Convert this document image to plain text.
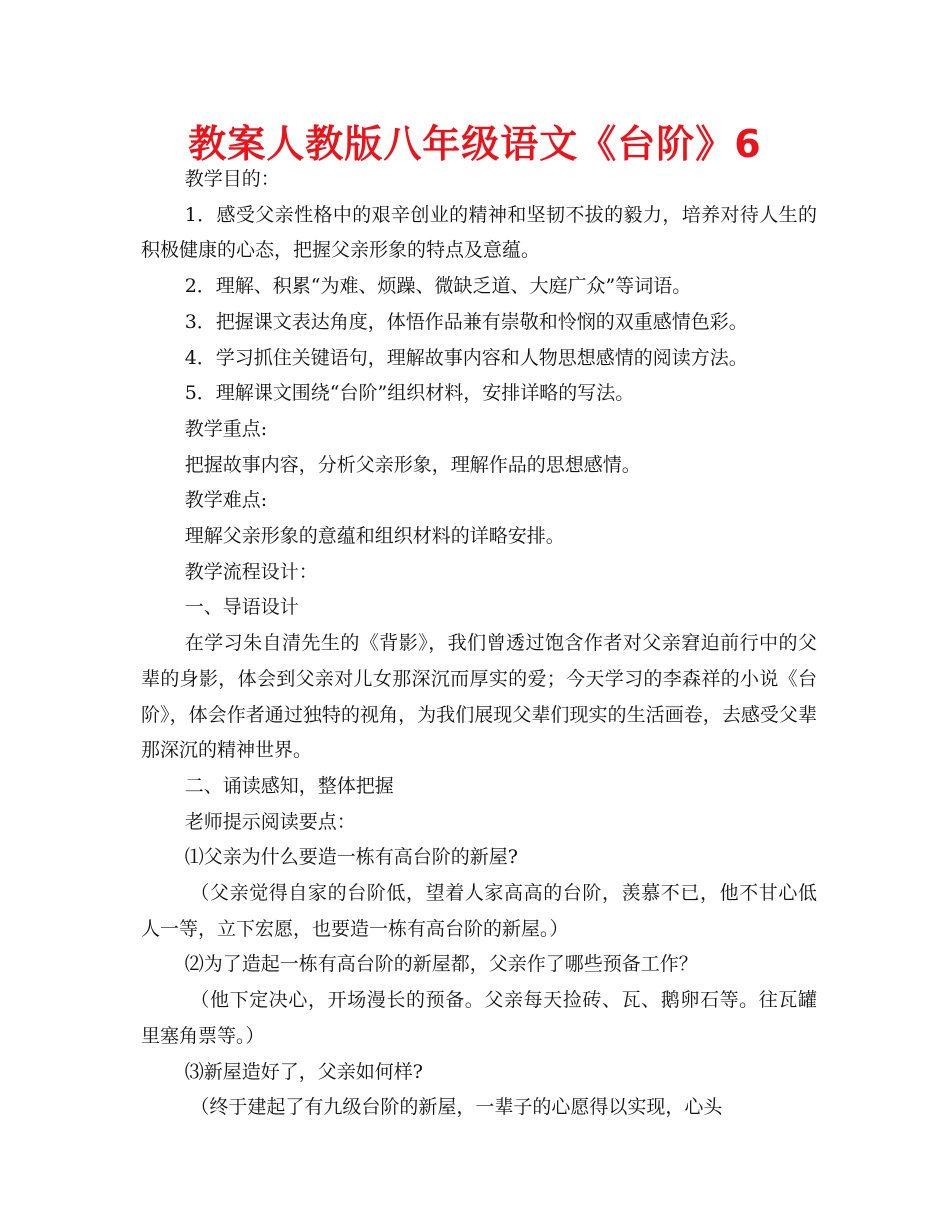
教案人教版八年级语文《台阶》6

教学目的：

1．感受父亲性格中的艰辛创业的精神和坚韧不拔的毅力，培养对待人生的积极健康的心态，把握父亲形象的特点及意蕴。

2．理解、积累“为难、烦躁、微缺乏道、大庭广众”等词语。

3．把握课文表达角度，体悟作品兼有崇敬和怜悯的双重感情色彩。

4．学习抓住关键语句，理解故事内容和人物思想感情的阅读方法。

5．理解课文围绕“台阶”组织材料，安排详略的写法。

教学重点:

把握故事内容，分析父亲形象，理解作品的思想感情。

教学难点:

理解父亲形象的意蕴和组织材料的详略安排。

教学流程设计：

一、导语设计

在学习朱自清先生的《背影》，我们曾透过饱含作者对父亲窘迫前行中的父辈的身影，体会到父亲对儿女那深沉而厚实的爱；今天学习的李森祥的小说《台阶》，体会作者通过独特的视角，为我们展现父辈们现实的生活画卷，去感受父辈那深沉的精神世界。

二、诵读感知，整体把握

老师提示阅读要点：

⑴父亲为什么要造一栋有高台阶的新屋?

（父亲觉得自家的台阶低，望着人家高高的台阶，羡慕不已，他不甘心低人一等，立下宏愿，也要造一栋有高台阶的新屋。）

⑵为了造起一栋有高台阶的新屋都，父亲作了哪些预备工作？

（他下定决心，开场漫长的预备。父亲每天捡砖、瓦、鹅卵石等。往瓦罐里塞角票等。）

⑶新屋造好了，父亲如何样?

（终于建起了有九级台阶的新屋，一辈子的心愿得以实现，心头
